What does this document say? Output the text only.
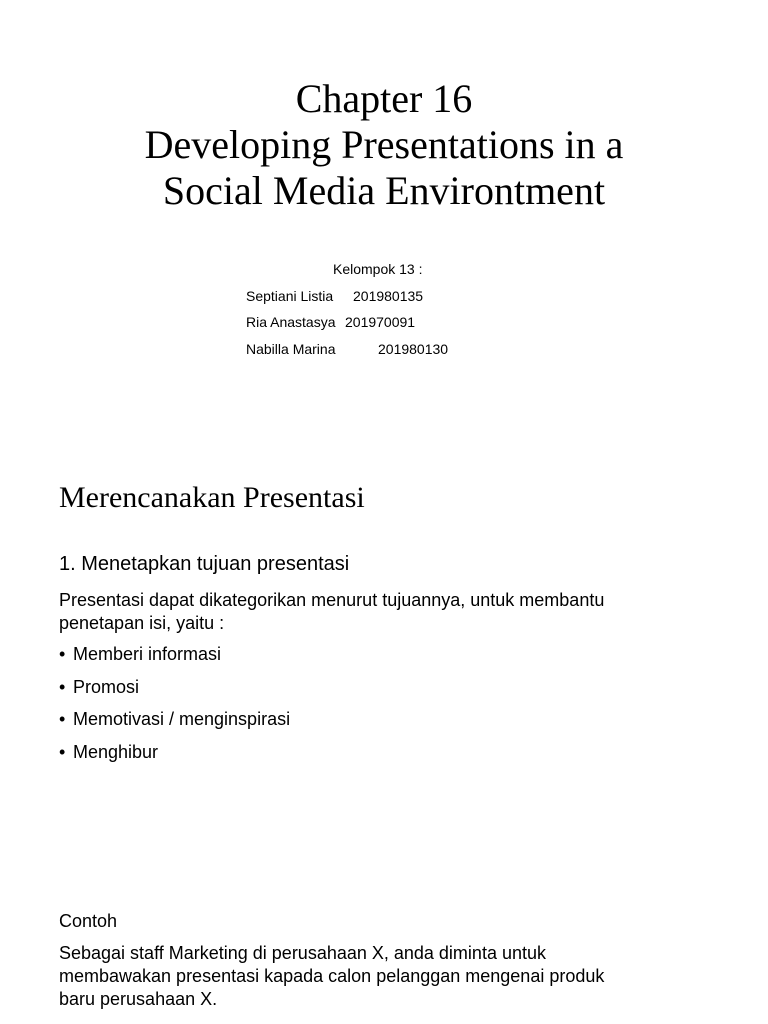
Chapter 16
Developing Presentations in a
Social Media Environtment
Kelompok 13 :
Septiani Listia 201980135
Ria Anastasya 201970091
Nabilla Marina	201980130
Merencanakan Presentasi
1. Menetapkan tujuan presentasi
Presentasi dapat dikategorikan menurut tujuannya, untuk membantu
penetapan isi, yaitu :
• Memberi informasi
• Promosi
• Memotivasi / menginspirasi
• Menghibur
Contoh
Sebagai staff Marketing di perusahaan X, anda diminta untuk
membawakan presentasi kapada calon pelanggan mengenai produk
baru perusahaan X.
